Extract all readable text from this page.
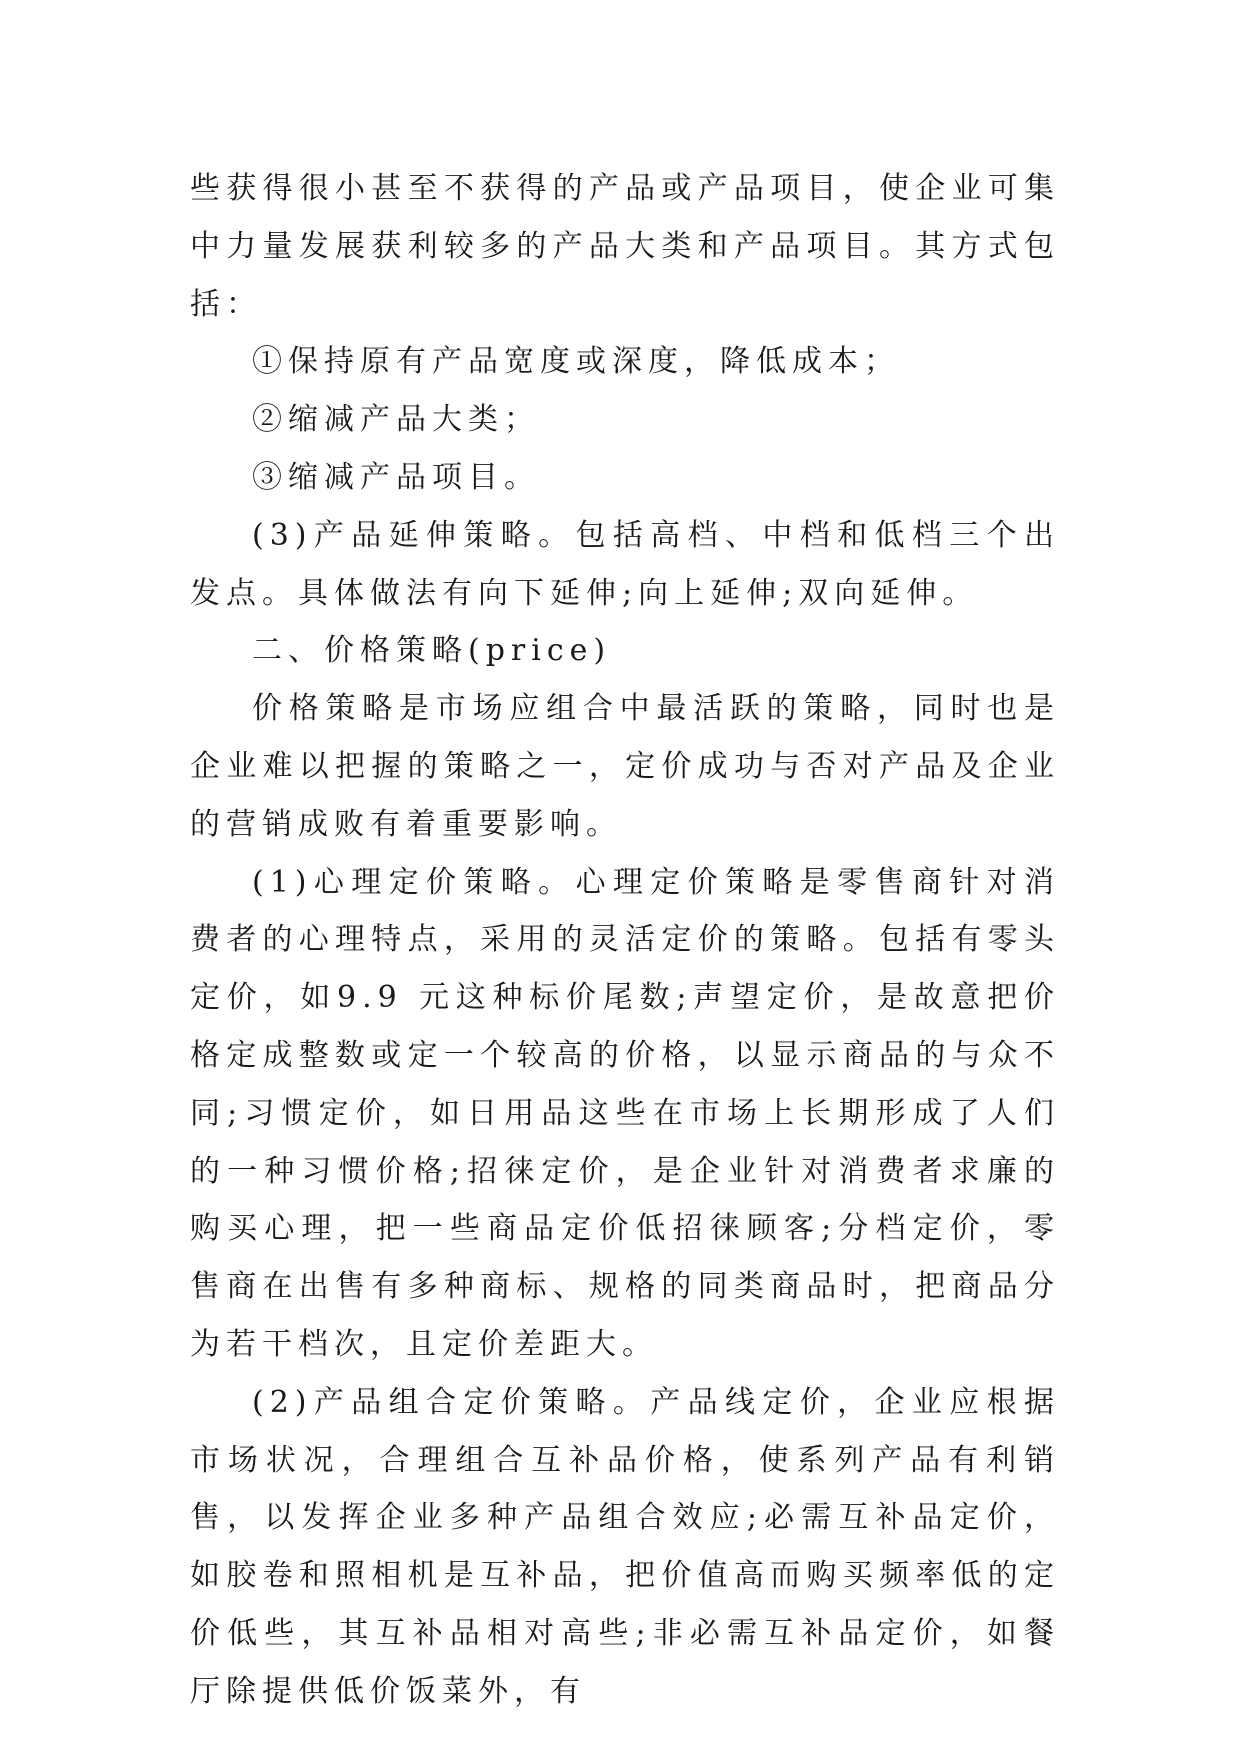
些获得很小甚至不获得的产品或产品项目，使企业可集中力量发展获利较多的产品大类和产品项目。其方式包括：

①保持原有产品宽度或深度，降低成本；

②缩减产品大类；

③缩减产品项目。

(3)产品延伸策略。包括高档、中档和低档三个出发点。具体做法有向下延伸;向上延伸;双向延伸。

二、价格策略(price)

价格策略是市场应组合中最活跃的策略，同时也是企业难以把握的策略之一，定价成功与否对产品及企业的营销成败有着重要影响。

(1)心理定价策略。心理定价策略是零售商针对消费者的心理特点，采用的灵活定价的策略。包括有零头定价，如9.9 元这种标价尾数;声望定价，是故意把价格定成整数或定一个较高的价格，以显示商品的与众不同;习惯定价，如日用品这些在市场上长期形成了人们的一种习惯价格;招徕定价，是企业针对消费者求廉的购买心理，把一些商品定价低招徕顾客;分档定价，零售商在出售有多种商标、规格的同类商品时，把商品分为若干档次，且定价差距大。

(2)产品组合定价策略。产品线定价，企业应根据市场状况，合理组合互补品价格，使系列产品有利销售，以发挥企业多种产品组合效应;必需互补品定价，如胶卷和照相机是互补品，把价值高而购买频率低的定价低些，其互补品相对高些;非必需互补品定价，如餐厅除提供低价饭菜外，有
